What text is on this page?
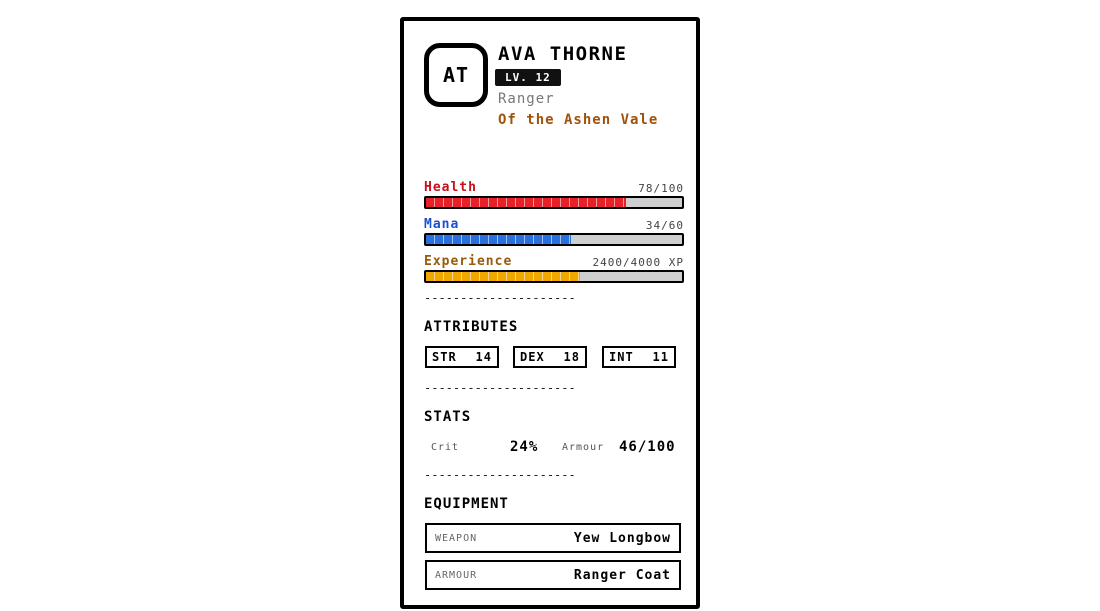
AT
AVA THORNE
LV. 12
Ranger
Of the Ashen Vale
Health	78/100
Mana	34/60
Experience	2400/4000 XP
---------------------
ATTRIBUTES
STR 14 DEX 18 INT 11
---------------------
STATS
Crit	24% Armour 46/100
---------------------
EQUIPMENT
WEAPON	Yew Longbow
ARMOUR	Ranger Coat
